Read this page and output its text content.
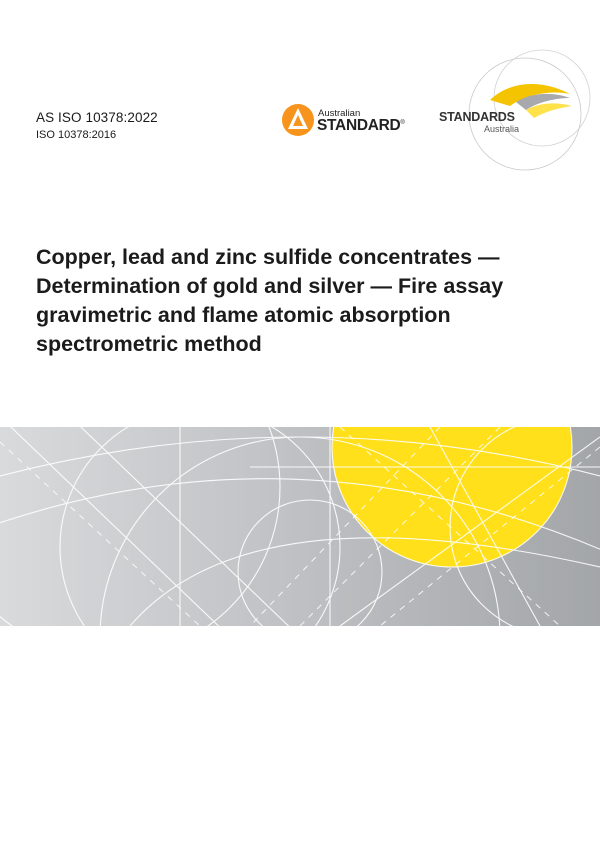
AS ISO 10378:2022

ISO 10378:2016

Australian
STANDARD®	STANDARDS
Australia
Copper, lead and zinc sulfide concentrates —
Determination of gold and silver — Fire assay
gravimetric and flame atomic absorption
spectrometric method
